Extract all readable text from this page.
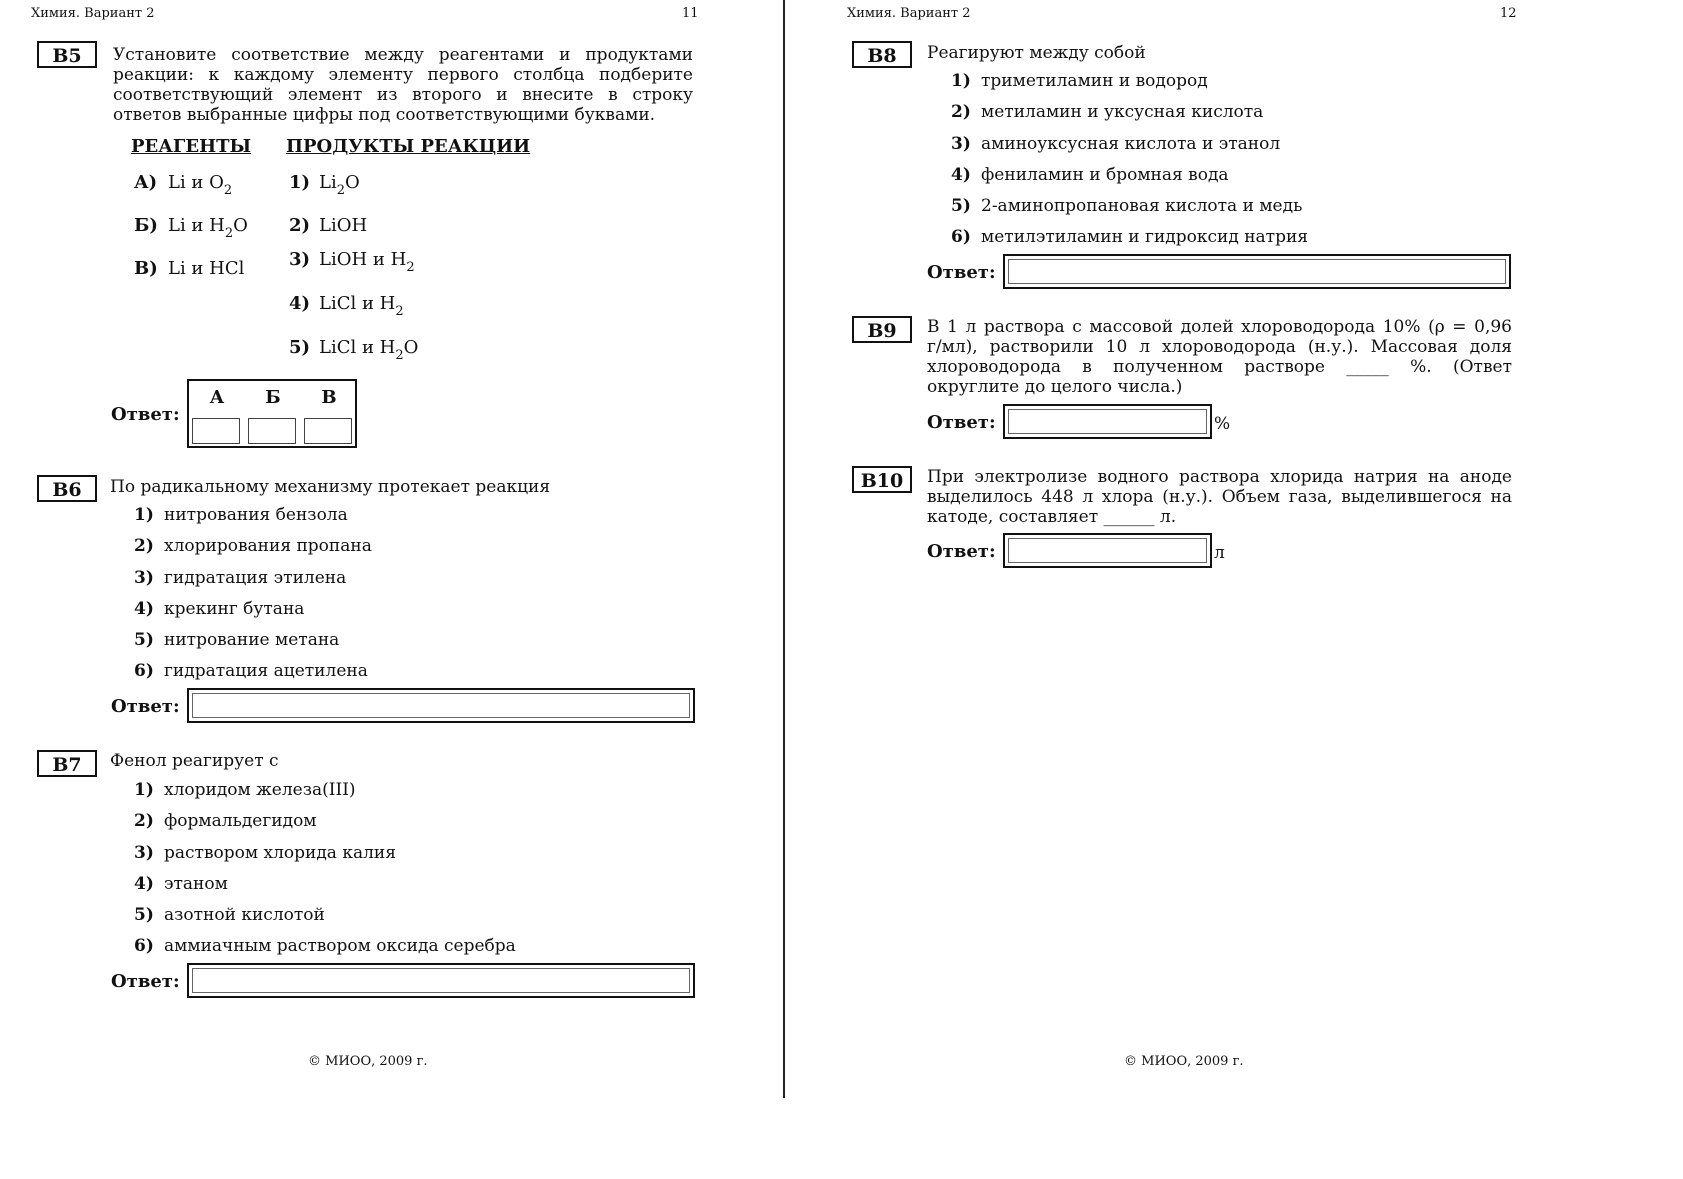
Химия. Вариант 2	11
В5	Установите соответствие между реагентами и продуктами
реакции: к каждому элементу первого столбца подберите
соответствующий элемент из второго и внесите в строку
ответов выбранные цифры под соответствующими буквами.
РЕАГЕНТЫ ПРОДУКТЫ РЕАКЦИИ
А) Li и $O_2$
Б) Li и $H_2O$
В) Li и HCl
1) $Li_2O$
2) LiOH
3) LiOH и $H_2$
4) LiCl и $H_2$
5) LiCl и $H_2O$
Ответ:
А	Б	В
В6	По радикальному механизму протекает реакция
1) нитрования бензола
2) хлорирования пропана
3) гидратация этилена
4) крекинг бутана
5) нитрование метана
6) гидратация ацетилена
Ответ:
В7	Фенол реагирует с
1) хлоридом железа(III)
2) формальдегидом
3) раствором хлорида калия
4) этаном
5) азотной кислотой
6) аммиачным раствором оксида серебра
Ответ:
© МИОО, 2009 г.
Химия. Вариант 2	12
В8	Реагируют между собой
1) триметиламин и водород
2) метиламин и уксусная кислота
3) аминоуксусная кислота и этанол
4) фениламин и бромная вода
5) 2-аминопропановая кислота и медь
6) метилэтиламин и гидроксид натрия
Ответ:
В9	В 1 л раствора с массовой долей хлороводорода 10% (ρ = 0,96
г/мл), растворили 10 л хлороводорода (н.у.). Массовая доля
хлороводорода в полученном растворе _____ %. (Ответ
округлите до целого числа.)
Ответ:	%
В10	При электролизе водного раствора хлорида натрия на аноде
выделилось 448 л хлора (н.у.). Объем газа, выделившегося на
катоде, составляет ______ л.
Ответ:	л
© МИОО, 2009 г.
